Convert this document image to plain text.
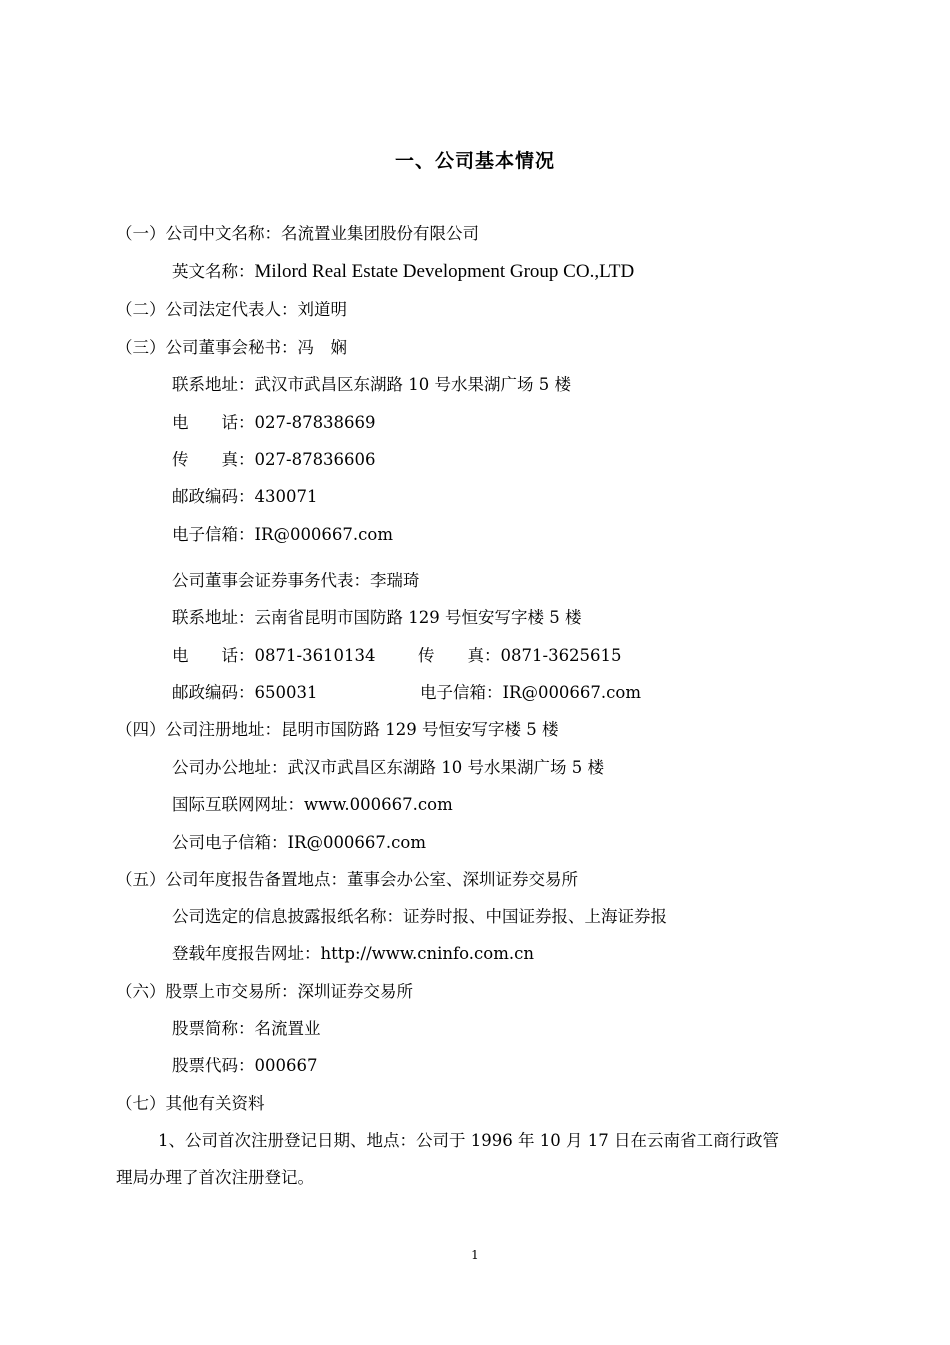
一、公司基本情况
（一）公司中文名称：名流置业集团股份有限公司
英文名称：Milord Real Estate Development Group CO.,LTD
（二）公司法定代表人：刘道明
（三）公司董事会秘书：冯　娴
联系地址：武汉市武昌区东湖路 10 号水果湖广场 5 楼
电　　话：027-87838669
传　　真：027-87836606
邮政编码：430071
电子信箱：IR@000667.com
公司董事会证券事务代表：李瑞琦
联系地址：云南省昆明市国防路 129 号恒安写字楼 5 楼
电　　话：0871-3610134	传　　真：0871-3625615
邮政编码：650031	电子信箱：IR@000667.com
（四）公司注册地址：昆明市国防路 129 号恒安写字楼 5 楼
公司办公地址：武汉市武昌区东湖路 10 号水果湖广场 5 楼
国际互联网网址：www.000667.com
公司电子信箱：IR@000667.com
（五）公司年度报告备置地点：董事会办公室、深圳证券交易所
公司选定的信息披露报纸名称：证券时报、中国证券报、上海证券报
登载年度报告网址：http://www.cninfo.com.cn
（六）股票上市交易所：深圳证券交易所
股票简称：名流置业
股票代码：000667
（七）其他有关资料
1、公司首次注册登记日期、地点：公司于 1996 年 10 月 17 日在云南省工商行政管
理局办理了首次注册登记。
1
